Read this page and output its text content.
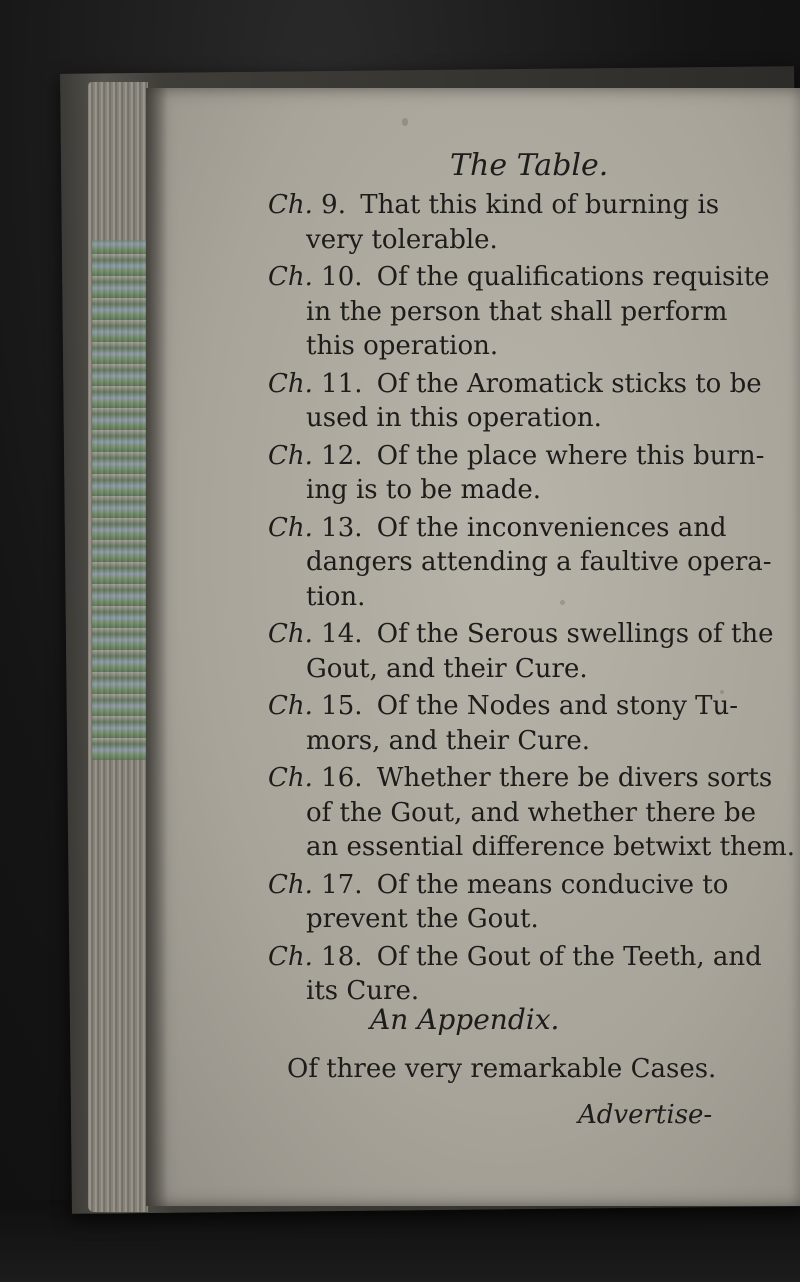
The Table.
Ch. 9. That this kind of burning is
very tolerable.
Ch. 10. Of the qualifications requisite
in the person that shall perform
this operation.
Ch. 11. Of the Aromatick sticks to be
used in this operation.
Ch. 12. Of the place where this burn-
ing is to be made.
Ch. 13. Of the inconveniences and
dangers attending a faultive opera-
tion.
Ch. 14. Of the Serous swellings of the
Gout, and their Cure.
Ch. 15. Of the Nodes and stony Tu-
mors, and their Cure.
Ch. 16. Whether there be divers sorts
of the Gout, and whether there be
an essential difference betwixt them.
Ch. 17. Of the means conducive to
prevent the Gout.
Ch. 18. Of the Gout of the Teeth, and
its Cure.
An Appendix.
Of three very remarkable Cases.
Advertise-
